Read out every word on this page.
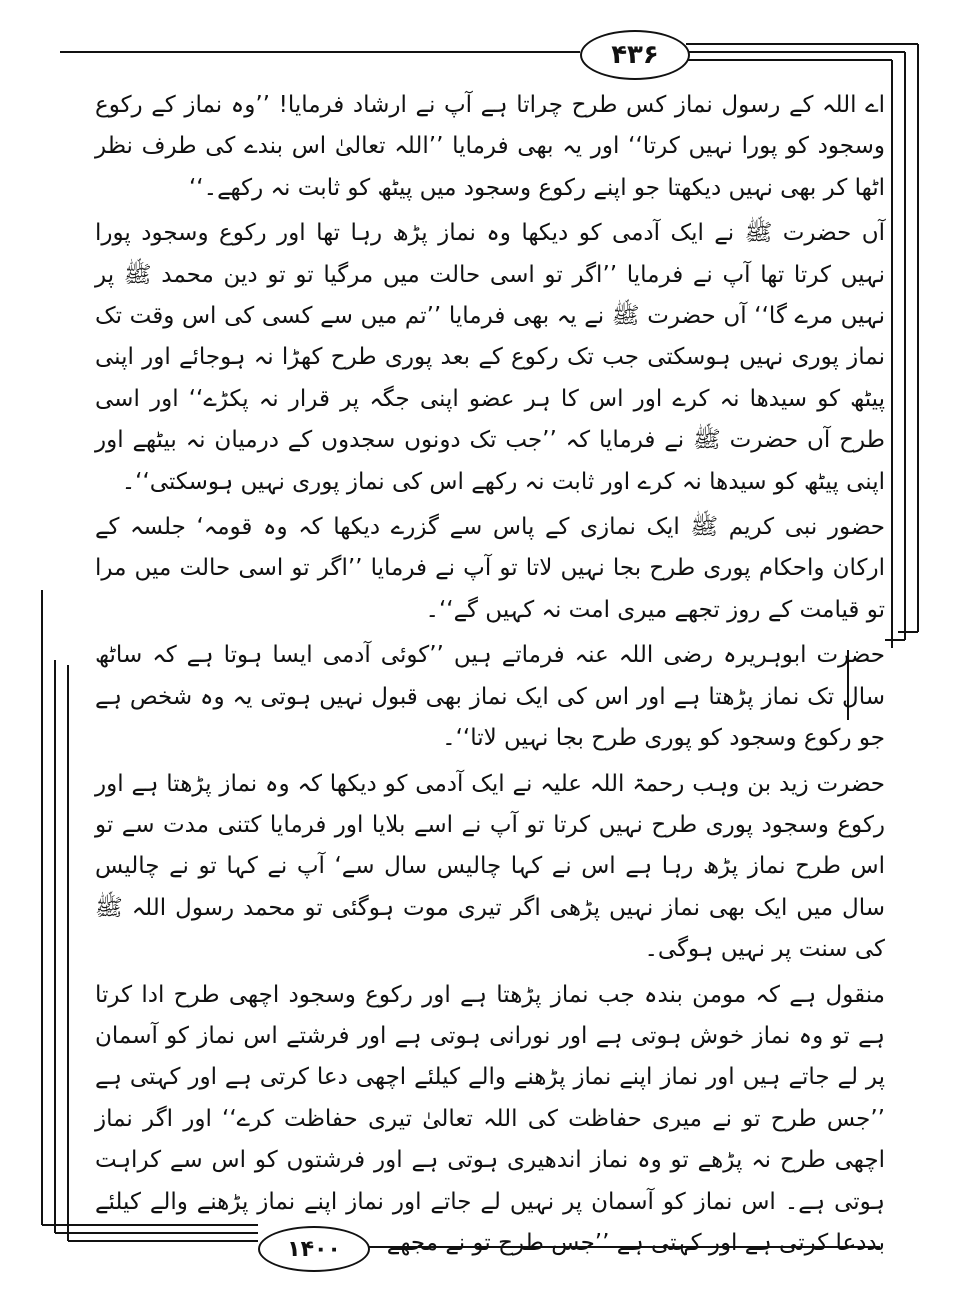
۴۳۶

اے اللہ کے رسول نماز کس طرح چراتا ہے آپ نے ارشاد فرمایا! ’’وہ نماز کے رکوع وسجود کو پورا نہیں کرتا‘‘ اور یہ بھی فرمایا ’’اللہ تعالیٰ اس بندے کی طرف نظر اٹھا کر بھی نہیں دیکھتا جو اپنے رکوع وسجود میں پیٹھ کو ثابت نہ رکھے۔‘‘

آں حضرت ﷺ نے ایک آدمی کو دیکھا وہ نماز پڑھ رہا تھا اور رکوع وسجود پورا نہیں کرتا تھا آپ نے فرمایا ’’اگر تو اسی حالت میں مرگیا تو تو دین محمد ﷺ پر نہیں مرے گا‘‘ آں حضرت ﷺ نے یہ بھی فرمایا ’’تم میں سے کسی کی اس وقت تک نماز پوری نہیں ہوسکتی جب تک رکوع کے بعد پوری طرح کھڑا نہ ہوجائے اور اپنی پیٹھ کو سیدھا نہ کرے اور اس کا ہر عضو اپنی جگہ پر قرار نہ پکڑے‘‘ اور اسی طرح آں حضرت ﷺ نے فرمایا کہ ’’جب تک دونوں سجدوں کے درمیان نہ بیٹھے اور اپنی پیٹھ کو سیدھا نہ کرے اور ثابت نہ رکھے اس کی نماز پوری نہیں ہوسکتی‘‘۔

حضور نبی کریم ﷺ ایک نمازی کے پاس سے گزرے دیکھا کہ وہ قومہ‘ جلسہ کے ارکان واحکام پوری طرح بجا نہیں لاتا تو آپ نے فرمایا ’’اگر تو اسی حالت میں مرا تو قیامت کے روز تجھے میری امت نہ کہیں گے‘‘۔

حضرت ابوہریرہ رضی اللہ عنہ فرماتے ہیں ’’کوئی آدمی ایسا ہوتا ہے کہ ساٹھ سال تک نماز پڑھتا ہے اور اس کی ایک نماز بھی قبول نہیں ہوتی یہ وہ شخص ہے جو رکوع وسجود کو پوری طرح بجا نہیں لاتا‘‘۔

حضرت زید بن وہب رحمۃ اللہ علیہ نے ایک آدمی کو دیکھا کہ وہ نماز پڑھتا ہے اور رکوع وسجود پوری طرح نہیں کرتا تو آپ نے اسے بلایا اور فرمایا کتنی مدت سے تو اس طرح نماز پڑھ رہا ہے اس نے کہا چالیس سال سے‘ آپ نے کہا تو نے چالیس سال میں ایک بھی نماز نہیں پڑھی اگر تیری موت ہوگئی تو محمد رسول اللہ ﷺ کی سنت پر نہیں ہوگی۔

منقول ہے کہ مومن بندہ جب نماز پڑھتا ہے اور رکوع وسجود اچھی طرح ادا کرتا ہے تو وہ نماز خوش ہوتی ہے اور نورانی ہوتی ہے اور فرشتے اس نماز کو آسمان پر لے جاتے ہیں اور نماز اپنے نماز پڑھنے والے کیلئے اچھی دعا کرتی ہے اور کہتی ہے ’’جس طرح تو نے میری حفاظت کی اللہ تعالیٰ تیری حفاظت کرے‘‘ اور اگر نماز اچھی طرح نہ پڑھے تو وہ نماز اندھیری ہوتی ہے اور فرشتوں کو اس سے کراہت ہوتی ہے۔ اس نماز کو آسمان پر نہیں لے جاتے اور نماز اپنے نماز پڑھنے والے کیلئے بددعا کرتی ہے اور کہتی ہے ’’جس طرح تو نے مجھے

۱۴۰۰
